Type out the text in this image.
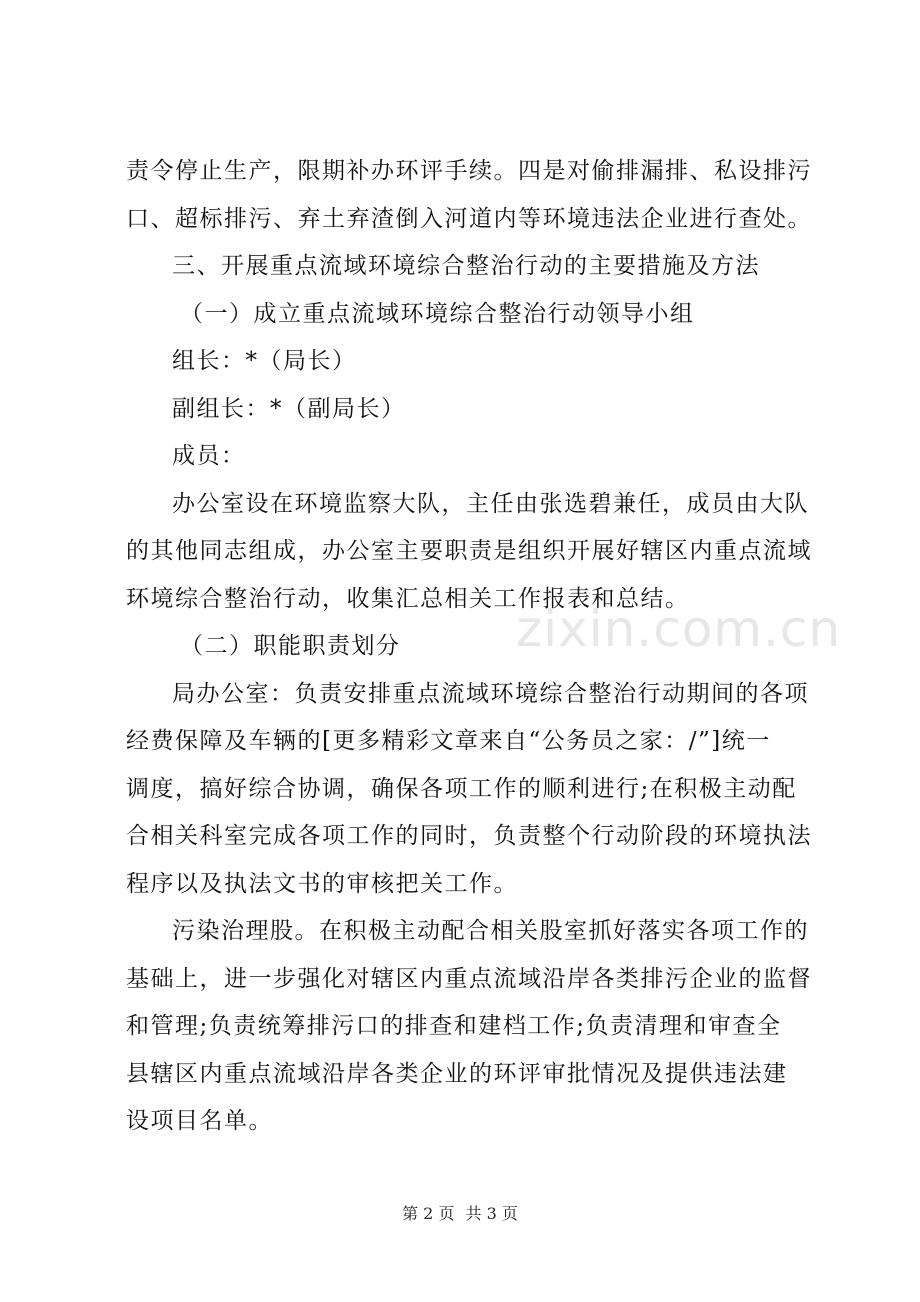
责令停止生产，限期补办环评手续。四是对偷排漏排、私设排污
口、超标排污、弃土弃渣倒入河道内等环境违法企业进行查处。
三、开展重点流域环境综合整治行动的主要措施及方法
（一）成立重点流域环境综合整治行动领导小组
组长：*（局长）
副组长：*（副局长）
成员：
办公室设在环境监察大队，主任由张选碧兼任，成员由大队
的其他同志组成，办公室主要职责是组织开展好辖区内重点流域
环境综合整治行动，收集汇总相关工作报表和总结。
（二）职能职责划分
局办公室：负责安排重点流域环境综合整治行动期间的各项
经费保障及车辆的[更多精彩文章来自“公务员之家：/”]统一
调度，搞好综合协调，确保各项工作的顺利进行;在积极主动配
合相关科室完成各项工作的同时，负责整个行动阶段的环境执法
程序以及执法文书的审核把关工作。
污染治理股。在积极主动配合相关股室抓好落实各项工作的
基础上，进一步强化对辖区内重点流域沿岸各类排污企业的监督
和管理;负责统筹排污口的排查和建档工作;负责清理和审查全
县辖区内重点流域沿岸各类企业的环评审批情况及提供违法建
设项目名单。
zixin.com.cn
第 2 页 共 3 页
